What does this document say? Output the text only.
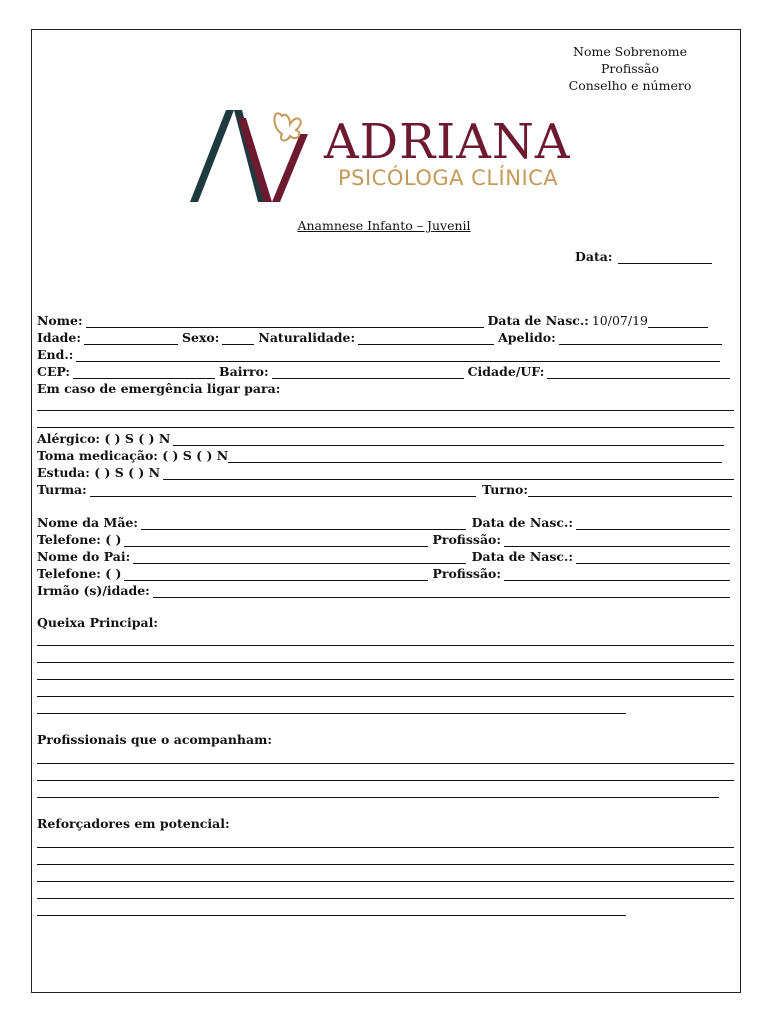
Nome Sobrenome
Profissão
Conselho e número
ADRIANA
PSICÓLOGA CLÍNICA
Anamnese Infanto – Juvenil
Data:
Nome:	Data de Nasc.: 10/07/19
Idade:	Sexo:	Naturalidade:	Apelido:
End.:
CEP:	Bairro:	Cidade/UF:
Em caso de emergência ligar para:
Alérgico: ( ) S ( ) N
Toma medicação: ( ) S ( ) N
Estuda: ( ) S ( ) N
Turma:	Turno:
Nome da Mãe:	Data de Nasc.:
Telefone: ( )	Profissão:
Nome do Pai:	Data de Nasc.:
Telefone: ( )	Profissão:
Irmão (s)/idade:
Queixa Principal:
Profissionais que o acompanham:
Reforçadores em potencial:
